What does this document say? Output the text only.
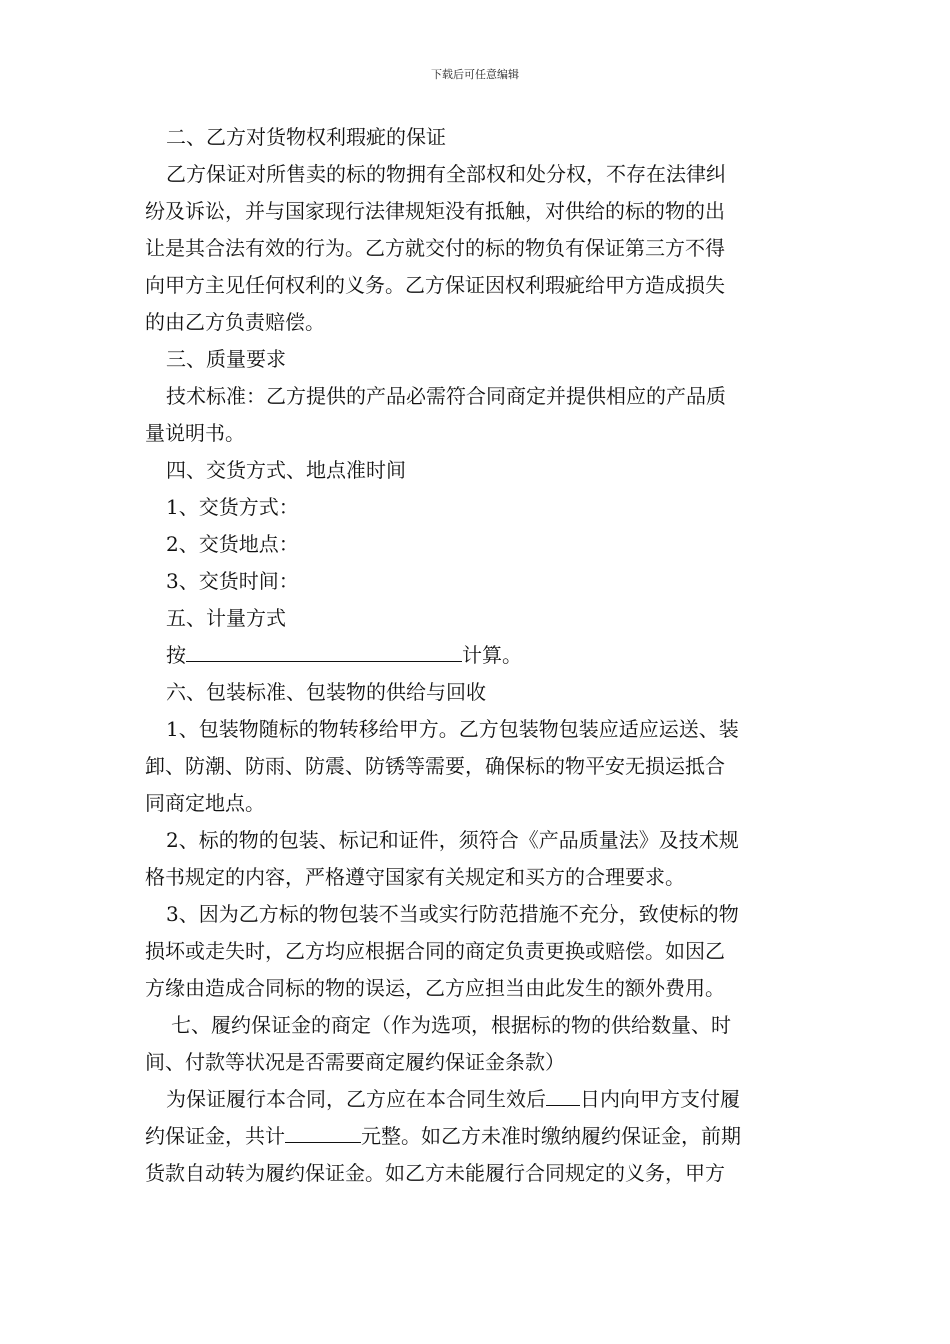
下载后可任意编辑

二、乙方对货物权利瑕疵的保证

乙方保证对所售卖的标的物拥有全部权和处分权，不存在法律纠

纷及诉讼，并与国家现行法律规矩没有抵触，对供给的标的物的出

让是其合法有效的行为。乙方就交付的标的物负有保证第三方不得

向甲方主见任何权利的义务。乙方保证因权利瑕疵给甲方造成损失

的由乙方负责赔偿。

三、质量要求

技术标准：乙方提供的产品必需符合同商定并提供相应的产品质

量说明书。

四、交货方式、地点准时间

1、交货方式：

2、交货地点：

3、交货时间：

五、计量方式

按	计算。

六、包装标准、包装物的供给与回收

1、包装物随标的物转移给甲方。乙方包装物包装应适应运送、装

卸、防潮、防雨、防震、防锈等需要，确保标的物平安无损运抵合

同商定地点。

2、标的物的包装、标记和证件，须符合《产品质量法》及技术规

格书规定的内容，严格遵守国家有关规定和买方的合理要求。

3、因为乙方标的物包装不当或实行防范措施不充分，致使标的物

损坏或走失时，乙方均应根据合同的商定负责更换或赔偿。如因乙

方缘由造成合同标的物的误运，乙方应担当由此发生的额外费用。

七、履约保证金的商定（作为选项，根据标的物的供给数量、时

间、付款等状况是否需要商定履约保证金条款）

为保证履行本合同，乙方应在本合同生效后 日内向甲方支付履

约保证金，共计	元整。如乙方未准时缴纳履约保证金，前期

货款自动转为履约保证金。如乙方未能履行合同规定的义务，甲方
